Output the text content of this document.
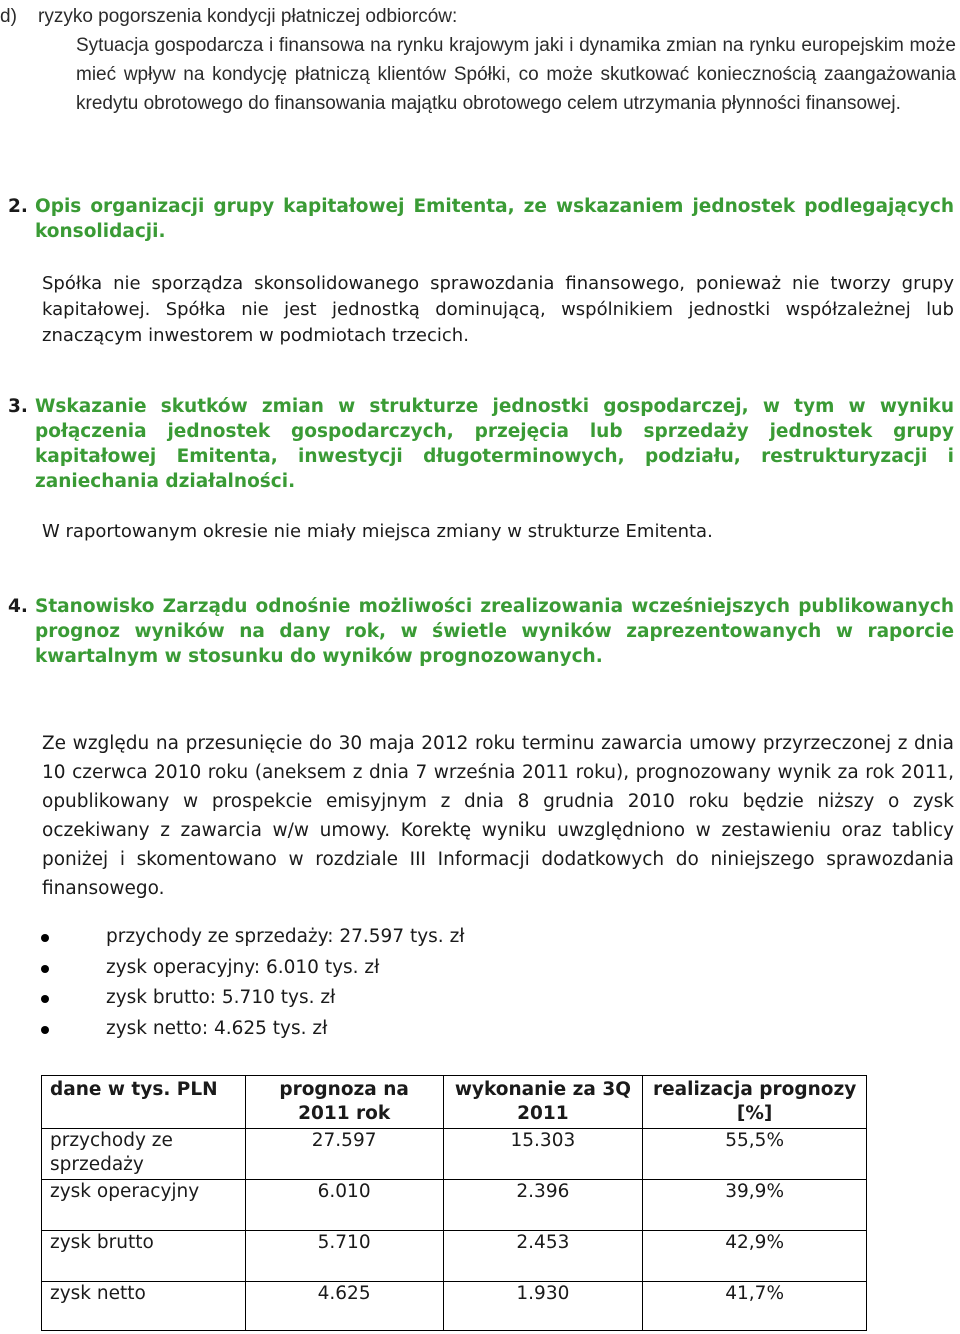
d)	ryzyko pogorszenia kondycji płatniczej odbiorców:
Sytuacja gospodarcza i finansowa na rynku krajowym jaki i dynamika zmian na rynku europejskim może mieć wpływ na kondycję płatniczą klientów Spółki, co może skutkować koniecznością zaangażowania kredytu obrotowego do finansowania majątku obrotowego celem utrzymania płynności finansowej.
2. Opis organizacji grupy kapitałowej Emitenta, ze wskazaniem jednostek podlegających konsolidacji.
Spółka nie sporządza skonsolidowanego sprawozdania finansowego, ponieważ nie tworzy grupy kapitałowej. Spółka nie jest jednostką dominującą, wspólnikiem jednostki współzależnej lub znaczącym inwestorem w podmiotach trzecich.
3. Wskazanie skutków zmian w strukturze jednostki gospodarczej, w tym w wyniku połączenia jednostek gospodarczych, przejęcia lub sprzedaży jednostek grupy kapitałowej Emitenta, inwestycji długoterminowych, podziału, restrukturyzacji i zaniechania działalności.
W raportowanym okresie nie miały miejsca zmiany w strukturze Emitenta.
4. Stanowisko Zarządu odnośnie możliwości zrealizowania wcześniejszych publikowanych prognoz wyników na dany rok, w świetle wyników zaprezentowanych w raporcie kwartalnym w stosunku do wyników prognozowanych.
Ze względu na przesunięcie do 30 maja 2012 roku terminu zawarcia umowy przyrzeczonej z dnia 10 czerwca 2010 roku (aneksem z dnia 7 września 2011 roku), prognozowany wynik za rok 2011, opublikowany w prospekcie emisyjnym z dnia 8 grudnia 2010 roku będzie niższy o zysk oczekiwany z zawarcia w/w umowy. Korektę wyniku uwzględniono w zestawieniu oraz tablicy poniżej i skomentowano w rozdziale III Informacji dodatkowych do niniejszego sprawozdania finansowego.
przychody ze sprzedaży: 27.597 tys. zł
zysk operacyjny: 6.010 tys. zł
zysk brutto: 5.710 tys. zł
zysk netto: 4.625 tys. zł
dane w tys. PLN	prognoza na 2011 rok	wykonanie za 3Q 2011	realizacja prognozy [%]
przychody ze sprzedaży	27.597	15.303	55,5%
zysk operacyjny	6.010	2.396	39,9%
zysk brutto	5.710	2.453	42,9%
zysk netto	4.625	1.930	41,7%
